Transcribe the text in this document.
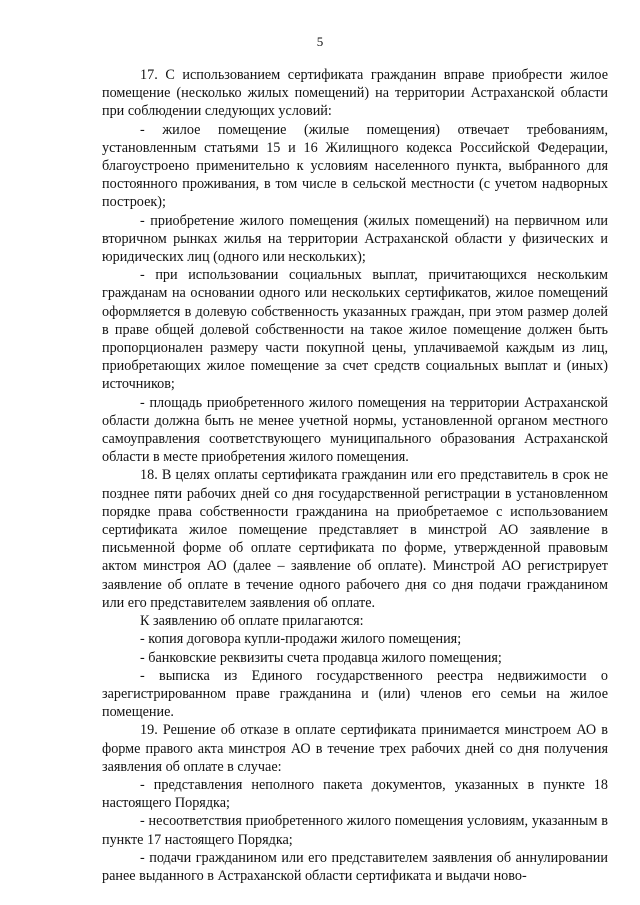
5

17. С использованием сертификата гражданин вправе приобрести жилое помещение (несколько жилых помещений) на территории Астраханской области при соблюдении следующих условий:

- жилое помещение (жилые помещения) отвечает требованиям, установленным статьями 15 и 16 Жилищного кодекса Российской Федерации, благоустроено применительно к условиям населенного пункта, выбранного для постоянного проживания, в том числе в сельской местности (с учетом надворных построек);

- приобретение жилого помещения (жилых помещений) на первичном или вторичном рынках жилья на территории Астраханской области у физических и юридических лиц (одного или нескольких);

- при использовании социальных выплат, причитающихся нескольким гражданам на основании одного или нескольких сертификатов, жилое помещений оформляется в долевую собственность указанных граждан, при этом размер долей в праве общей долевой собственности на такое жилое помещение должен быть пропорционален размеру части покупной цены, уплачиваемой каждым из лиц, приобретающих жилое помещение за счет средств социальных выплат и (иных) источников;

- площадь приобретенного жилого помещения на территории Астраханской области должна быть не менее учетной нормы, установленной органом местного самоуправления соответствующего муниципального образования Астраханской области в месте приобретения жилого помещения.

18. В целях оплаты сертификата гражданин или его представитель в срок не позднее пяти рабочих дней со дня государственной регистрации в установленном порядке права собственности гражданина на приобретаемое с использованием сертификата жилое помещение представляет в минстрой АО заявление в письменной форме об оплате сертификата по форме, утвержденной правовым актом минстроя АО (далее – заявление об оплате). Минстрой АО регистрирует заявление об оплате в течение одного рабочего дня со дня подачи гражданином или его представителем заявления об оплате.

К заявлению об оплате прилагаются:

- копия договора купли-продажи жилого помещения;

- банковские реквизиты счета продавца жилого помещения;

- выписка из Единого государственного реестра недвижимости о зарегистрированном праве гражданина и (или) членов его семьи на жилое помещение.

19. Решение об отказе в оплате сертификата принимается минстроем АО в форме правого акта минстроя АО в течение трех рабочих дней со дня получения заявления об оплате в случае:

- представления неполного пакета документов, указанных в пункте 18 настоящего Порядка;

- несоответствия приобретенного жилого помещения условиям, указанным в пункте 17 настоящего Порядка;

- подачи гражданином или его представителем заявления об аннулировании ранее выданного в Астраханской области сертификата и выдачи ново-
